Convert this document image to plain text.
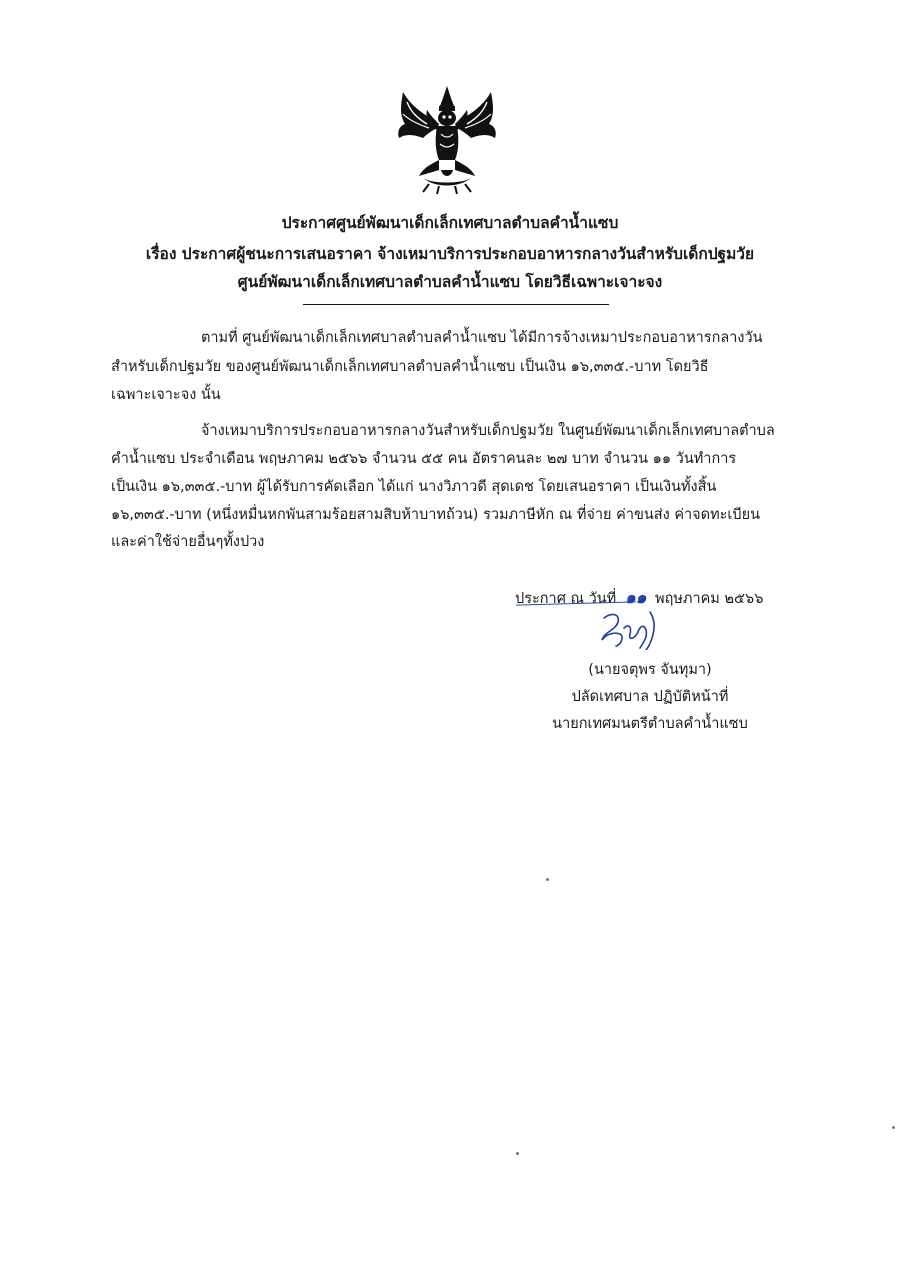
ประกาศศูนย์พัฒนาเด็กเล็กเทศบาลตำบลคำน้ำแซบ
เรื่อง ประกาศผู้ชนะการเสนอราคา จ้างเหมาบริการประกอบอาหารกลางวันสำหรับเด็กปฐมวัย
ศูนย์พัฒนาเด็กเล็กเทศบาลตำบลคำน้ำแซบ โดยวิธีเฉพาะเจาะจง
ตามที่ ศูนย์พัฒนาเด็กเล็กเทศบาลตำบลคำน้ำแซบ ได้มีการจ้างเหมาประกอบอาหารกลางวัน
สำหรับเด็กปฐมวัย ของศูนย์พัฒนาเด็กเล็กเทศบาลตำบลคำน้ำแซบ เป็นเงิน ๑๖,๓๓๕.-บาท โดยวิธี
เฉพาะเจาะจง นั้น
จ้างเหมาบริการประกอบอาหารกลางวันสำหรับเด็กปฐมวัย ในศูนย์พัฒนาเด็กเล็กเทศบาลตำบล
คำน้ำแซบ ประจำเดือน พฤษภาคม ๒๕๖๖ จำนวน ๕๕ คน อัตราคนละ ๒๗ บาท จำนวน ๑๑ วันทำการ
เป็นเงิน ๑๖,๓๓๕.-บาท ผู้ได้รับการคัดเลือก ได้แก่ นางวิภาวดี สุดเดช โดยเสนอราคา เป็นเงินทั้งสิ้น
๑๖,๓๓๕.-บาท (หนึ่งหมื่นหกพันสามร้อยสามสิบห้าบาทถ้วน) รวมภาษีหัก ณ ที่จ่าย ค่าขนส่ง ค่าจดทะเบียน
และค่าใช้จ่ายอื่นๆทั้งปวง
ประกาศ ณ วันที่ ๑๑ พฤษภาคม ๒๕๖๖
(นายจตุพร จันทุมา)
ปลัดเทศบาล ปฏิบัติหน้าที่
นายกเทศมนตรีตำบลคำน้ำแซบ
